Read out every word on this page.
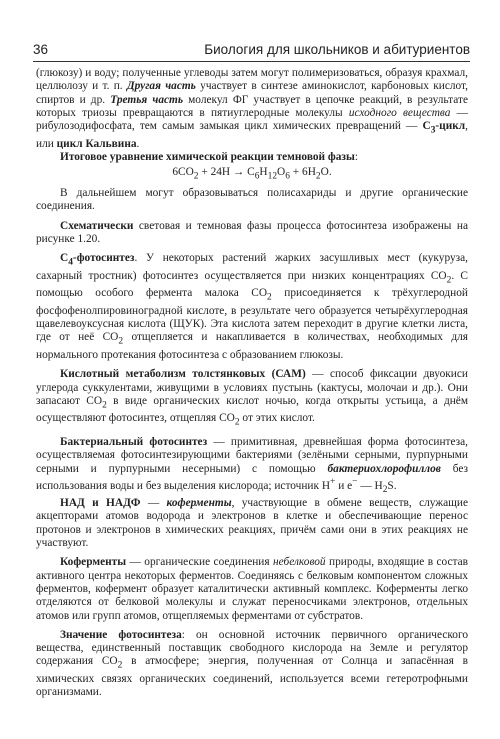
36	Биология для школьников и абитуриентов

(глюкозу) и воду; полученные углеводы затем могут полимеризоваться, образуя крахмал, целлюлозу и т. п. Другая часть участвует в синтезе аминокислот, карбоновых кислот, спиртов и др. Третья часть молекул ФГ участвует в цепочке реакций, в результате которых триозы превращаются в пятиуглеродные молекулы исходного вещества — рибулозодифосфата, тем самым замыкая цикл химических превращений — $С_3$-цикл, или цикл Кальвина.

Итоговое уравнение химической реакции темновой фазы:

$6CO_2 + 24H \to C_6H_{12}O_6 + 6H_2O$.

В дальнейшем могут образовываться полисахариды и другие органические соединения.

Схематически световая и темновая фазы процесса фотосинтеза изображены на рисунке 1.20.

$С_4$-фотосинтез. У некоторых растений жарких засушливых мест (кукуруза, сахарный тростник) фотосинтез осуществляется при низких концентрациях $СО_2$. С помощью особого фермента малока $СО_2$ присоединяется к трёхуглеродной фосфофенолпировиноградной кислоте, в результате чего образуется четырёхуглеродная щавелевоуксусная кислота (ЩУК). Эта кислота затем переходит в другие клетки листа, где от неё $СО_2$ отщепляется и накапливается в количествах, необходимых для нормального протекания фотосинтеза с образованием глюкозы.

Кислотный метаболизм толстянковых (САМ) — способ фиксации двуокиси углерода суккулентами, живущими в условиях пустынь (кактусы, молочаи и др.). Они запасают $СО_2$ в виде органических кислот ночью, когда открыты устьица, а днём осуществляют фотосинтез, отщепляя $СО_2$ от этих кислот.

Бактериальный фотосинтез — примитивная, древнейшая форма фотосинтеза, осуществляемая фотосинтезирующими бактериями (зелёными серными, пурпурными серными и пурпурными несерными) с помощью бактериохлорофиллов без использования воды и без выделения кислорода; источник Н+ и е− — $Н_2S$.

НАД и НАДФ — коферменты, участвующие в обмене веществ, служащие акцепторами атомов водорода и электронов в клетке и обеспечивающие перенос протонов и электронов в химических реакциях, причём сами они в этих реакциях не участвуют.

Коферменты — органические соединения небелковой природы, входящие в состав активного центра некоторых ферментов. Соединяясь с белковым компонентом сложных ферментов, кофермент образует каталитически активный комплекс. Коферменты легко отделяются от белковой молекулы и служат переносчиками электронов, отдельных атомов или групп атомов, отщепляемых ферментами от субстратов.

Значение фотосинтеза: он основной источник первичного органического вещества, единственный поставщик свободного кислорода на Земле и регулятор содержания $СО_2$ в атмосфере; энергия, полученная от Солнца и запасённая в химических связях органических соединений, используется всеми гетеротрофными организмами.
